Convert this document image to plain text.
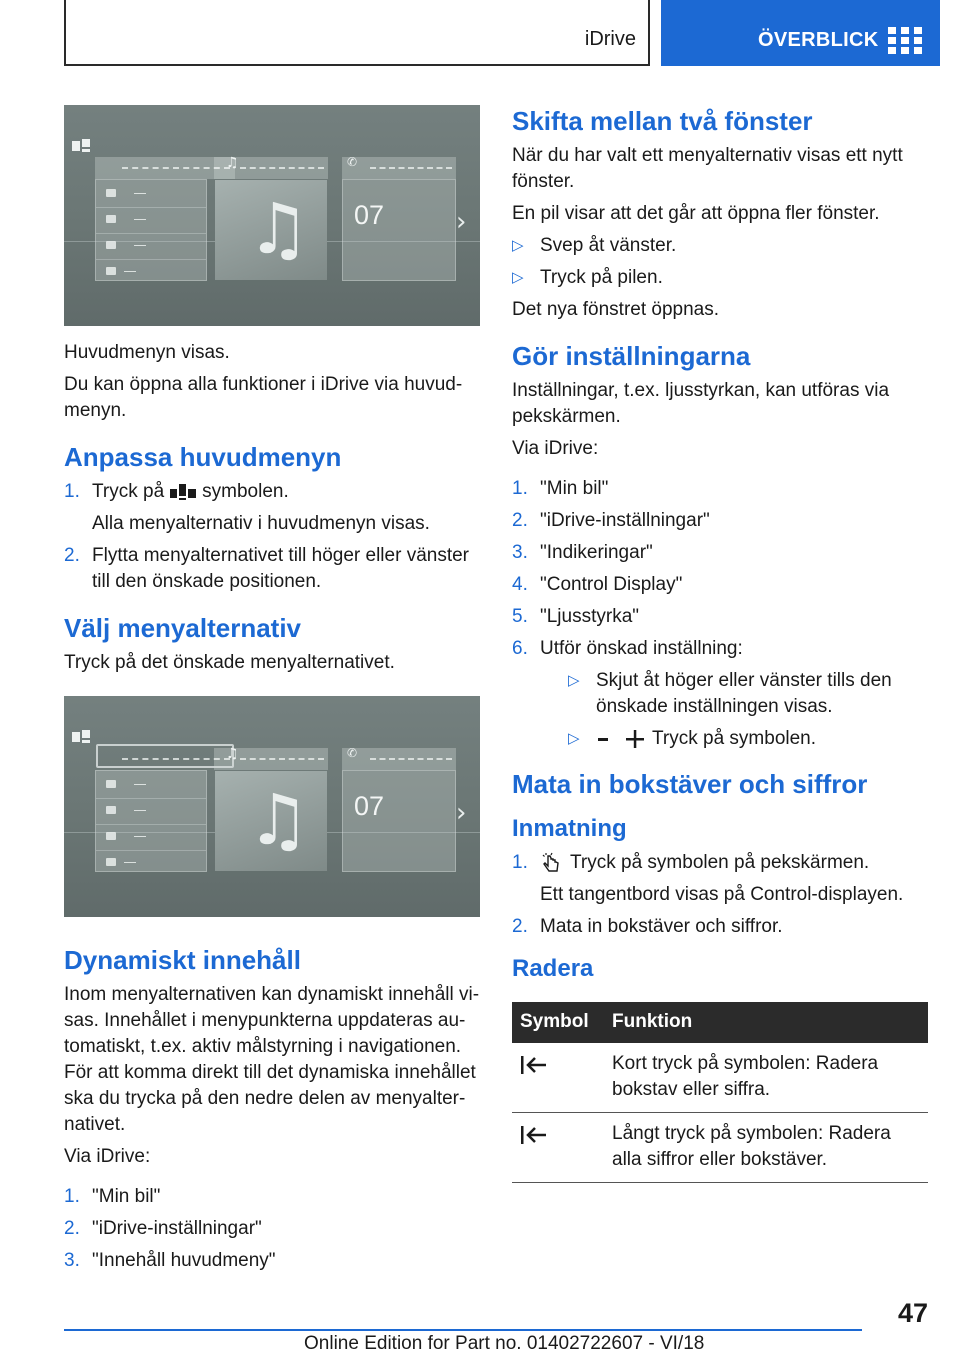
iDrive	ÖVERBLICK
♫	✆
♫ 07	›

Huvudmenyn visas.

Du kan öppna alla funktioner i iDrive via huvudmenyn.

Anpassa huvudmenyn
1. Tryck på symbolen.
Alla menyalternativ i huvudmenyn visas.
2. Flytta menyalternativet till höger eller vänster till den önskade positionen.
Välj menyalternativ

Tryck på det önskade menyalternativet.

♫	✆
♫ 07	›
Dynamiskt innehåll

Inom menyalternativen kan dynamiskt innehåll visas. Innehållet i menypunkterna uppdateras automatiskt, t.ex. aktiv målstyrning i navigationen. För att komma direkt till det dynamiska innehållet ska du trycka på den nedre delen av menyalternativet.

Via iDrive:

1. "Min bil"
2. "iDrive-inställningar"
3. "Innehåll huvudmeny"
Skifta mellan två fönster

När du har valt ett menyalternativ visas ett nytt fönster.

En pil visar att det går att öppna fler fönster.

▷ Svep åt vänster.
▷ Tryck på pilen.

Det nya fönstret öppnas.

Gör inställningarna

Inställningar, t.ex. ljusstyrkan, kan utföras via pekskärmen.

Via iDrive:

1. "Min bil"
2. "iDrive-inställningar"
3. "Indikeringar"
4. "Control Display"
5. "Ljusstyrka"
6. Utför önskad inställning:
▷ Skjut åt höger eller vänster tills den önskade inställningen visas.
▷	Tryck på symbolen.
Mata in bokstäver och siffror
Inmatning
1. Tryck på symbolen på pekskärmen.
Ett tangentbord visas på Control-displayen.
2. Mata in bokstäver och siffror.
Radera
Symbol	Funktion
	Kort tryck på symbolen: Radera bokstav eller siffra.
	Långt tryck på symbolen: Radera alla siffror eller bokstäver.
47
Online Edition for Part no. 01402722607 - VI/18
